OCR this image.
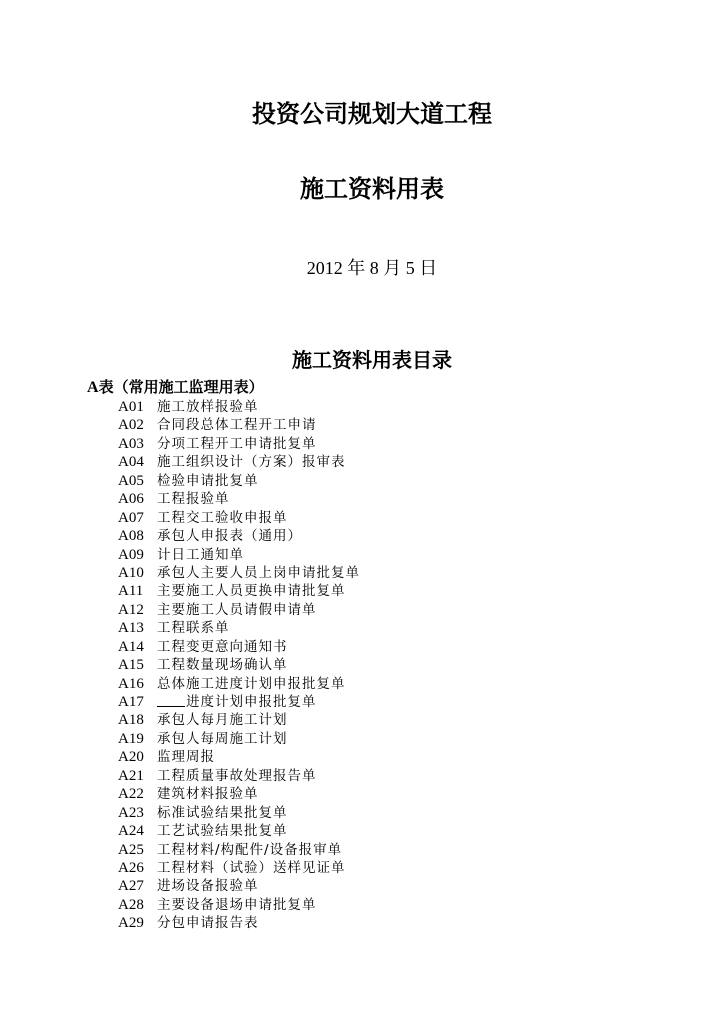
投资公司规划大道工程
施工资料用表
2012 年 8 月 5 日
施工资料用表目录
A表（常用施工监理用表）
A01 施工放样报验单
A02 合同段总体工程开工申请
A03 分项工程开工申请批复单
A04 施工组织设计（方案）报审表
A05 检验申请批复单
A06 工程报验单
A07 工程交工验收申报单
A08 承包人申报表（通用）
A09 计日工通知单
A10 承包人主要人员上岗申请批复单
A11 主要施工人员更换申请批复单
A12 主要施工人员请假申请单
A13 工程联系单
A14 工程变更意向通知书
A15 工程数量现场确认单
A16 总体施工进度计划申报批复单
A17	进度计划申报批复单
A18 承包人每月施工计划
A19 承包人每周施工计划
A20 监理周报
A21 工程质量事故处理报告单
A22 建筑材料报验单
A23 标准试验结果批复单
A24 工艺试验结果批复单
A25 工程材料/构配件/设备报审单
A26 工程材料（试验）送样见证单
A27 进场设备报验单
A28 主要设备退场申请批复单
A29 分包申请报告表
